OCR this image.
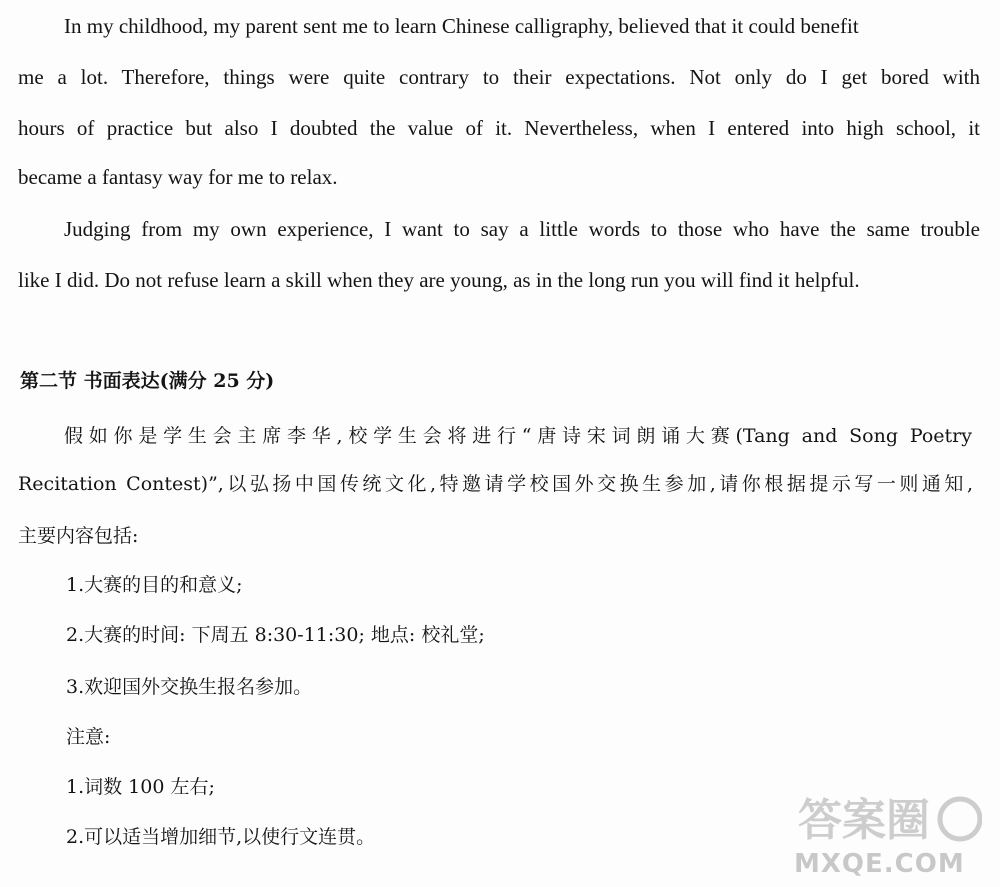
In my childhood, my parent sent me to learn Chinese calligraphy, believed that it could benefit
me a lot. Therefore, things were quite contrary to their expectations. Not only do I get bored with
hours of practice but also I doubted the value of it. Nevertheless, when I entered into high school, it
became a fantasy way for me to relax.
Judging from my own experience, I want to say a little words to those who have the same trouble
like I did. Do not refuse learn a skill when they are young, as in the long run you will find it helpful.
第二节 书面表达(满分 25 分)
假如你是学生会主席李华,校学生会将进行“唐诗宋词朗诵大赛(Tang and Song Poetry
Recitation Contest)”,以弘扬中国传统文化,特邀请学校国外交换生参加,请你根据提示写一则通知,
主要内容包括:
1.大赛的目的和意义;
2.大赛的时间: 下周五 8:30-11:30; 地点: 校礼堂;
3.欢迎国外交换生报名参加。
注意:
1.词数 100 左右;
2.可以适当增加细节,以使行文连贯。	答案圈
MXQE.COM
